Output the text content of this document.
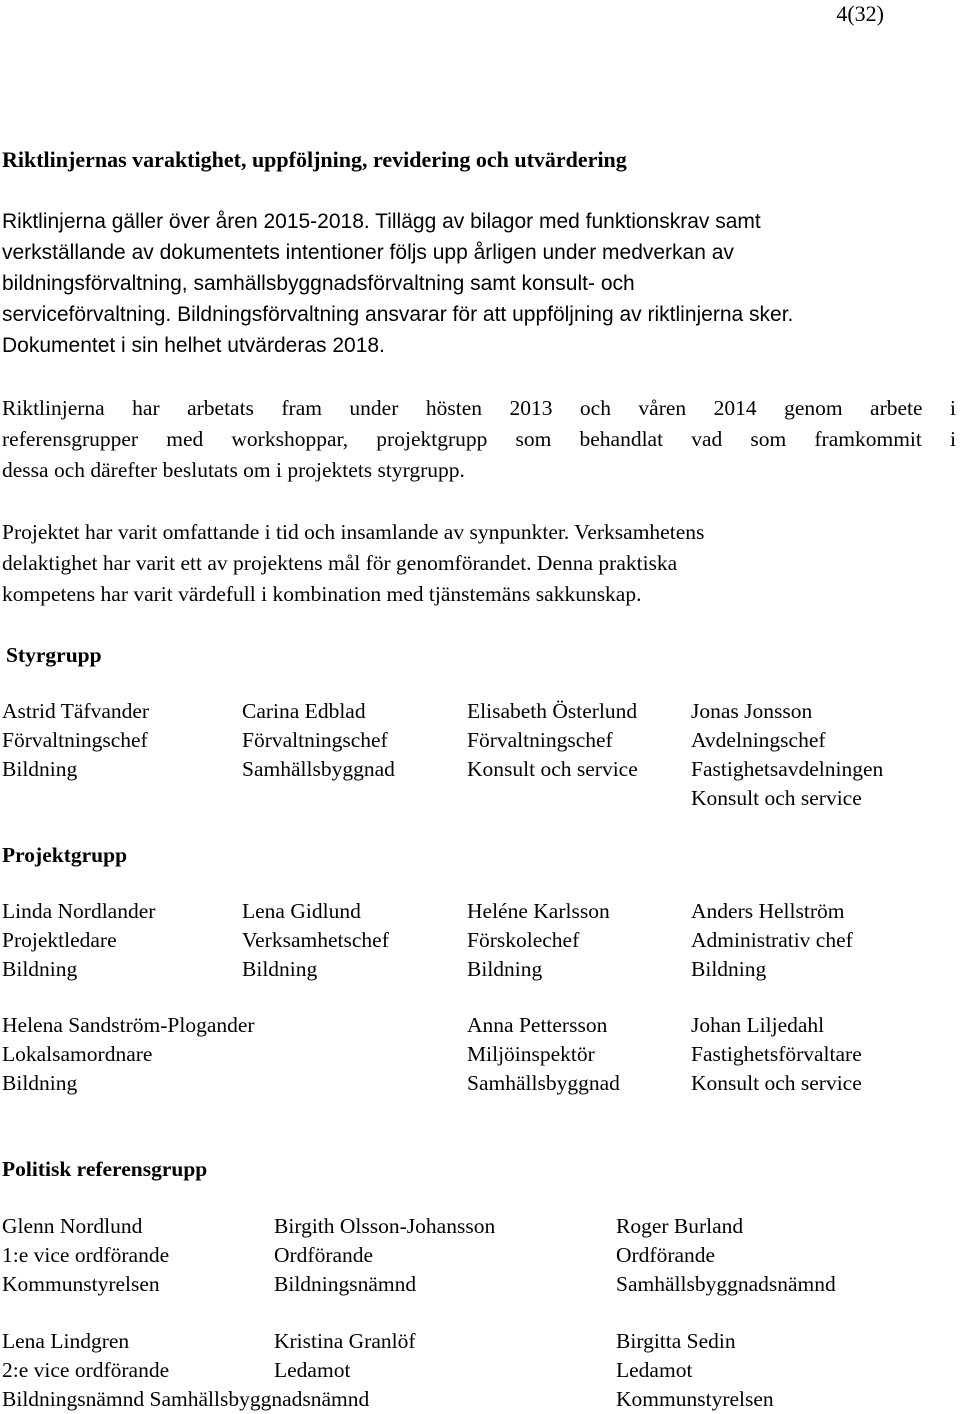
4(32)
Riktlinjernas varaktighet, uppföljning, revidering och utvärdering
Riktlinjerna gäller över åren 2015-2018. Tillägg av bilagor med funktionskrav samt
verkställande av dokumentets intentioner följs upp årligen under medverkan av
bildningsförvaltning, samhällsbyggnadsförvaltning samt konsult- och
serviceförvaltning. Bildningsförvaltning ansvarar för att uppföljning av riktlinjerna sker.
Dokumentet i sin helhet utvärderas 2018.
Riktlinjerna har arbetats fram under hösten 2013 och våren 2014 genom arbete i
referensgrupper med workshoppar, projektgrupp som behandlat vad som framkommit i
dessa och därefter beslutats om i projektets styrgrupp.
Projektet har varit omfattande i tid och insamlande av synpunkter. Verksamhetens
delaktighet har varit ett av projektens mål för genomförandet. Denna praktiska
kompetens har varit värdefull i kombination med tjänstemäns sakkunskap.
Styrgrupp
Astrid Täfvander
Förvaltningschef
Bildning
Carina Edblad
Förvaltningschef
Samhällsbyggnad
Elisabeth Österlund
Förvaltningschef
Konsult och service
Jonas Jonsson
Avdelningschef
Fastighetsavdelningen
Konsult och service
Projektgrupp
Linda Nordlander
Projektledare
Bildning
Lena Gidlund
Verksamhetschef
Bildning
Heléne Karlsson
Förskolechef
Bildning
Anders Hellström
Administrativ chef
Bildning
Helena Sandström-Plogander
Lokalsamordnare
Bildning
Anna Pettersson
Miljöinspektör
Samhällsbyggnad
Johan Liljedahl
Fastighetsförvaltare
Konsult och service
Politisk referensgrupp
Glenn Nordlund
1:e vice ordförande
Kommunstyrelsen
Birgith Olsson-Johansson
Ordförande
Bildningsnämnd
Roger Burland
Ordförande
Samhällsbyggnadsnämnd
Lena Lindgren
2:e vice ordförande
Bildningsnämnd Samhällsbyggnadsnämnd
Kristina Granlöf
Ledamot
Birgitta Sedin
Ledamot
Kommunstyrelsen
